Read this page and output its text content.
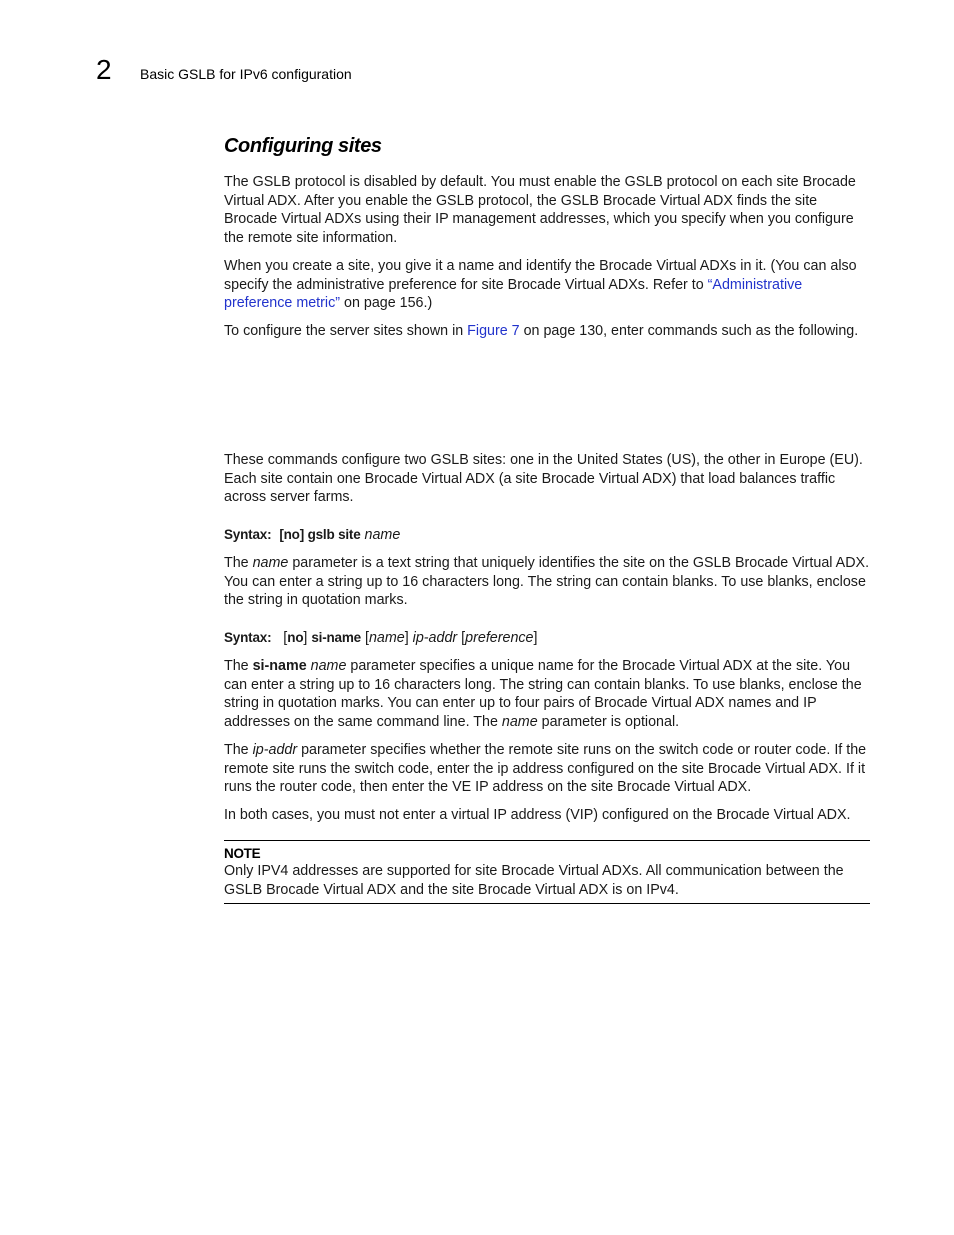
2 Basic GSLB for IPv6 configuration
Configuring sites

The GSLB protocol is disabled by default. You must enable the GSLB protocol on each site Brocade Virtual ADX. After you enable the GSLB protocol, the GSLB Brocade Virtual ADX finds the site Brocade Virtual ADXs using their IP management addresses, which you specify when you configure the remote site information.

When you create a site, you give it a name and identify the Brocade Virtual ADXs in it. (You can also specify the administrative preference for site Brocade Virtual ADXs. Refer to “Administrative preference metric” on page 156.)

To configure the server sites shown in Figure 7 on page 130, enter commands such as the following.

These commands configure two GSLB sites: one in the United States (US), the other in Europe (EU). Each site contain one Brocade Virtual ADX (a site Brocade Virtual ADX) that load balances traffic across server farms.

Syntax: [no] gslb site name

The name parameter is a text string that uniquely identifies the site on the GSLB Brocade Virtual ADX. You can enter a string up to 16 characters long. The string can contain blanks. To use blanks, enclose the string in quotation marks.

Syntax: [no] si-name [name] ip-addr [preference]

The si-name name parameter specifies a unique name for the Brocade Virtual ADX at the site. You can enter a string up to 16 characters long. The string can contain blanks. To use blanks, enclose the string in quotation marks. You can enter up to four pairs of Brocade Virtual ADX names and IP addresses on the same command line. The name parameter is optional.

The ip-addr parameter specifies whether the remote site runs on the switch code or router code. If the remote site runs the switch code, enter the ip address configured on the site Brocade Virtual ADX. If it runs the router code, then enter the VE IP address on the site Brocade Virtual ADX.

In both cases, you must not enter a virtual IP address (VIP) configured on the Brocade Virtual ADX.

NOTE

Only IPV4 addresses are supported for site Brocade Virtual ADXs. All communication between the GSLB Brocade Virtual ADX and the site Brocade Virtual ADX is on IPv4.
